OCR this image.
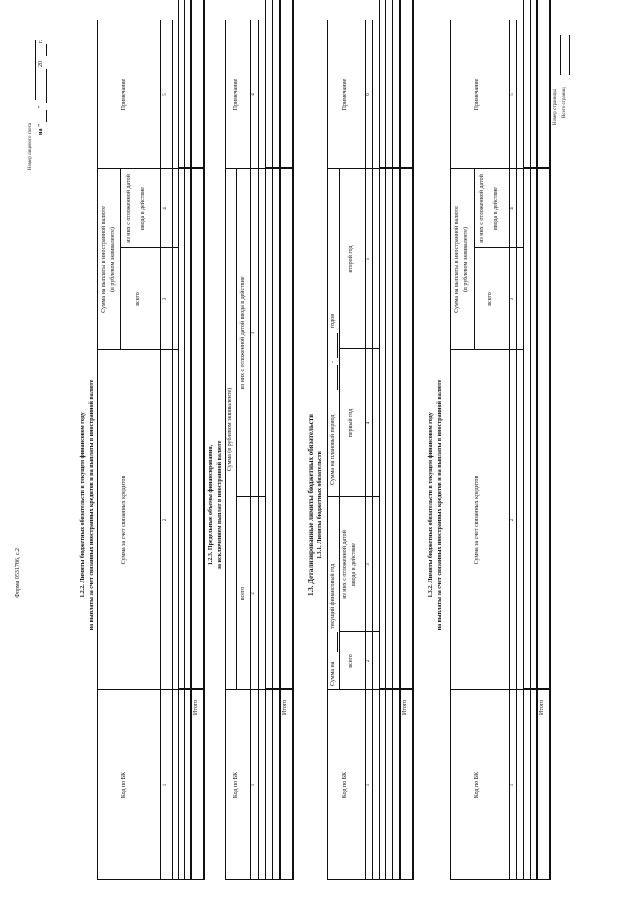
Форма 0531786, с.2
Номер лицевого счета на "
"
20
г.
1.2.2. Лимиты бюджетных обязательств в текущем финансовом году на выплаты за счет связанных иностранных кредитов и на выплаты в иностранной валюте
Код по БК
Сумма за счет связанных кредитов
Сумма на выплаты в иностранной валюте (в рублевом эквиваленте)
всего
из них с отложенной датой ввода в действие
Примечание
1
2
3
4
5
Итого
1.2.3. Предельные объемы финансирования, за исключением выплат в иностранной валюте
Код по БК
Сумма (в рублевом эквиваленте)
всего
из них с отложенной датой ввода в действие
Примечание
1
2
3
4
Итого
1.3. Детализированные лимиты бюджетных обязательств 1.3.1. Лимиты бюджетных обязательств
Код по БК
Сумма на
текущий финансовый год
Сумма на плановый период
-
годов
всего
из них с отложенной датой ввода в действие
первый год
второй год
Примечание
1
2
3
4
5
6
Итого
1.3.2. Лимиты бюджетных обязательств в текущем финансовом году на выплаты за счет связанных иностранных кредитов и на выплаты в иностранной валюте
Код по БК
Сумма за счет связанных кредитов
Сумма на выплаты в иностранной валюте (в рублевом эквиваленте)
всего
из них с отложенной датой ввода в действие
Примечание
1
2
3
4
5
Итого
Номер страницы Всего страниц
